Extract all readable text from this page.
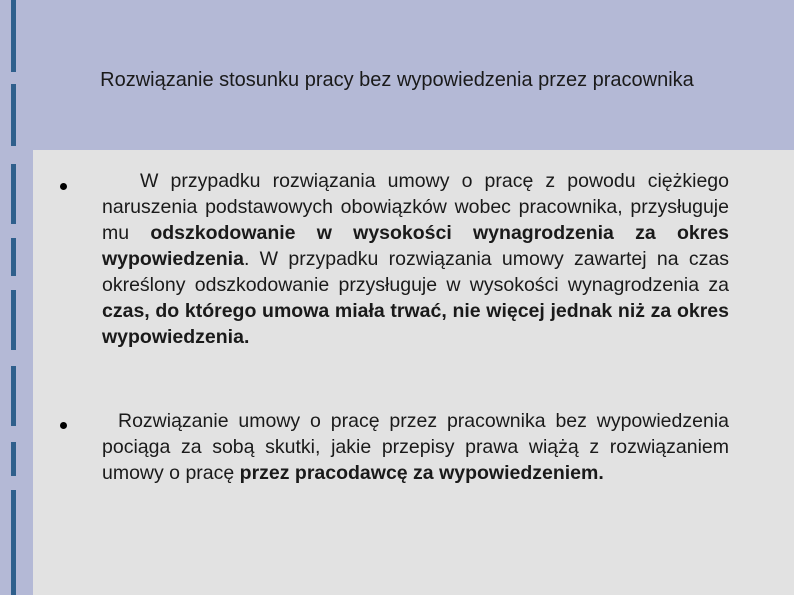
Rozwiązanie stosunku pracy bez wypowiedzenia przez pracownika

W przypadku rozwiązania umowy o pracę z powodu ciężkiego naruszenia podstawowych obowiązków wobec pracownika, przysługuje mu odszkodowanie w wysokości wynagrodzenia za okres wypowiedzenia. W przypadku rozwiązania umowy zawartej na czas określony odszkodowanie przysługuje w wysokości wynagrodzenia za czas, do którego umowa miała trwać, nie więcej jednak niż za okres wypowiedzenia.

Rozwiązanie umowy o pracę przez pracownika bez wypowiedzenia pociąga za sobą skutki, jakie przepisy prawa wiążą z rozwiązaniem umowy o pracę przez pracodawcę za wypowiedzeniem.
